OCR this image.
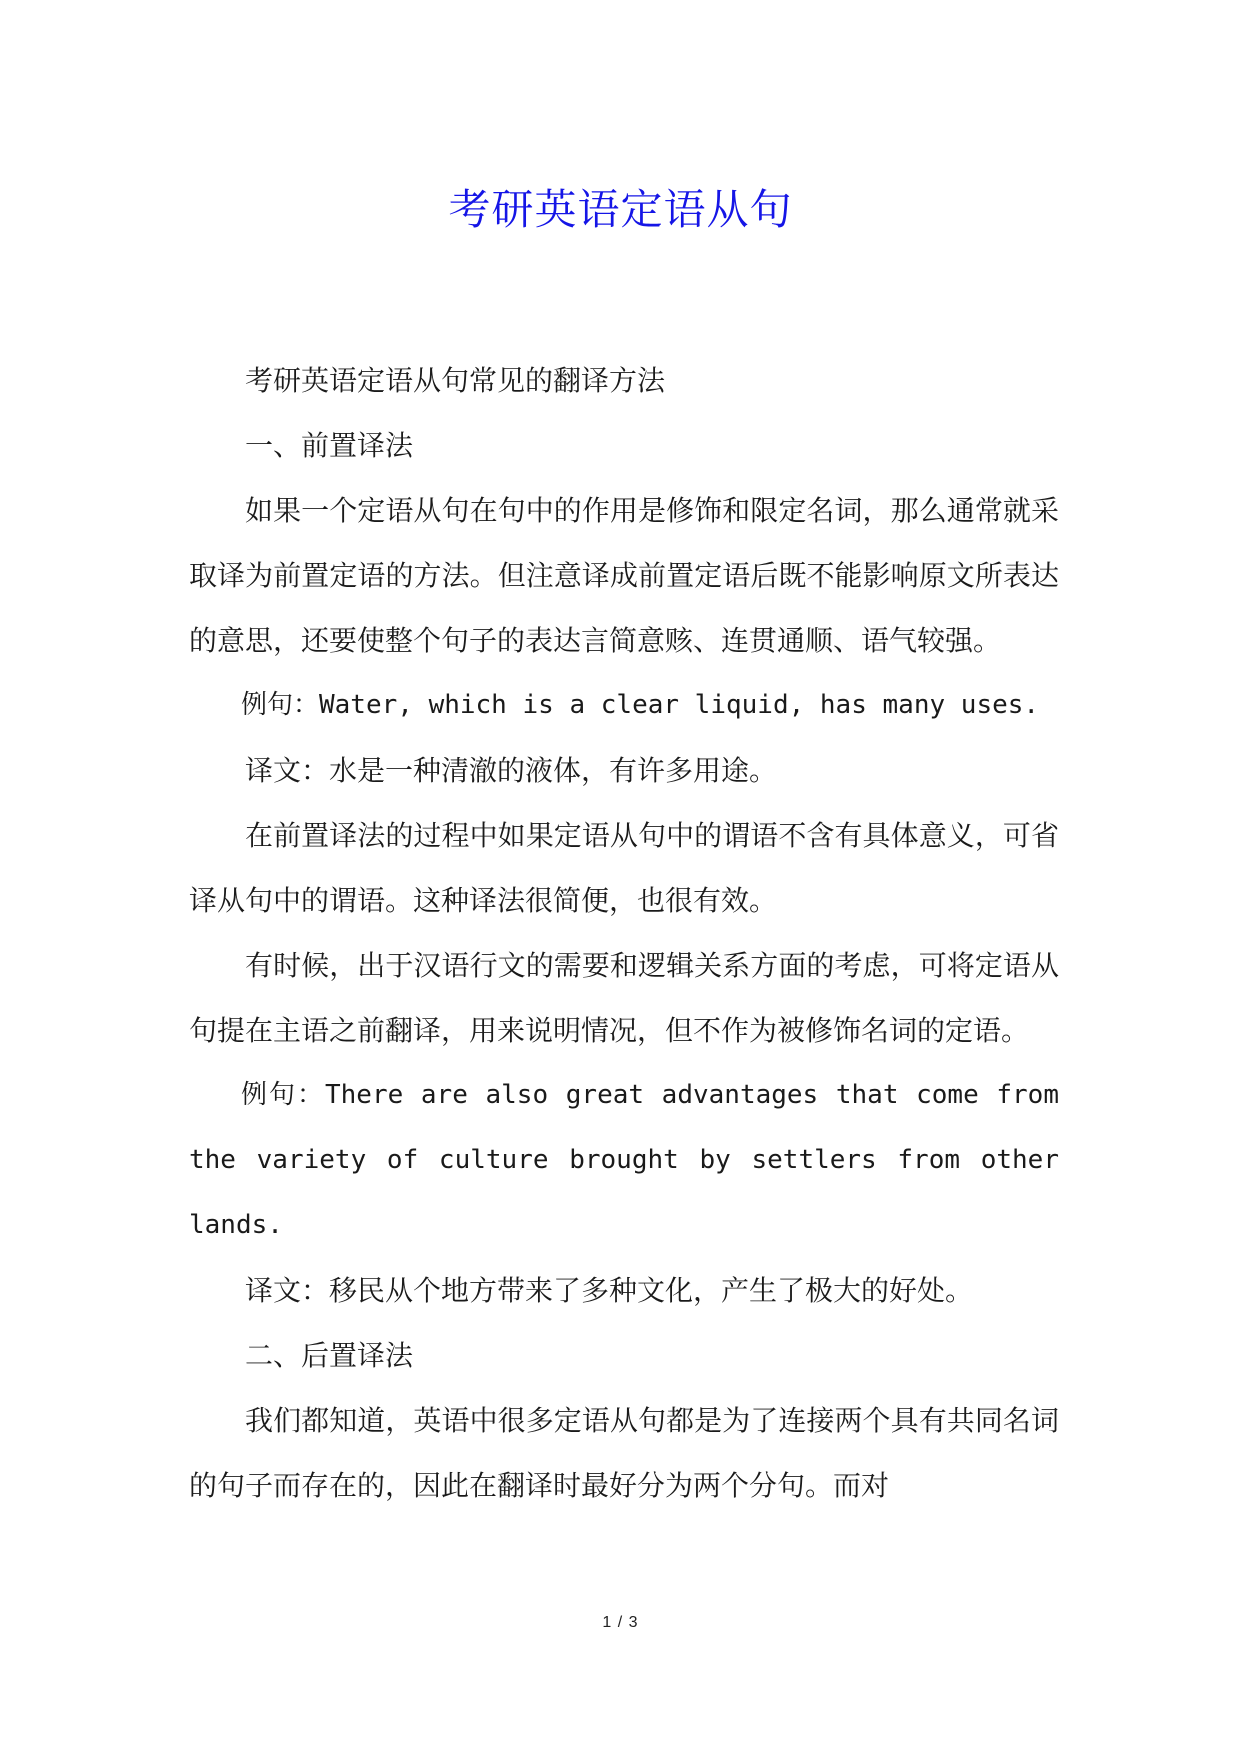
考研英语定语从句

考研英语定语从句常见的翻译方法

一、前置译法

如果一个定语从句在句中的作用是修饰和限定名词，那么通常就采取译为前置定语的方法。但注意译成前置定语后既不能影响原文所表达的意思，还要使整个句子的表达言简意赅、连贯通顺、语气较强。

例句：Water, which is a clear liquid, has many uses.

译文：水是一种清澈的液体，有许多用途。

在前置译法的过程中如果定语从句中的谓语不含有具体意义，可省译从句中的谓语。这种译法很简便，也很有效。

有时候，出于汉语行文的需要和逻辑关系方面的考虑，可将定语从句提在主语之前翻译，用来说明情况，但不作为被修饰名词的定语。

例句：There are also great advantages that come from the variety of culture brought by settlers from other lands.

译文：移民从个地方带来了多种文化，产生了极大的好处。

二、后置译法

我们都知道，英语中很多定语从句都是为了连接两个具有共同名词的句子而存在的，因此在翻译时最好分为两个分句。而对

1 / 3
